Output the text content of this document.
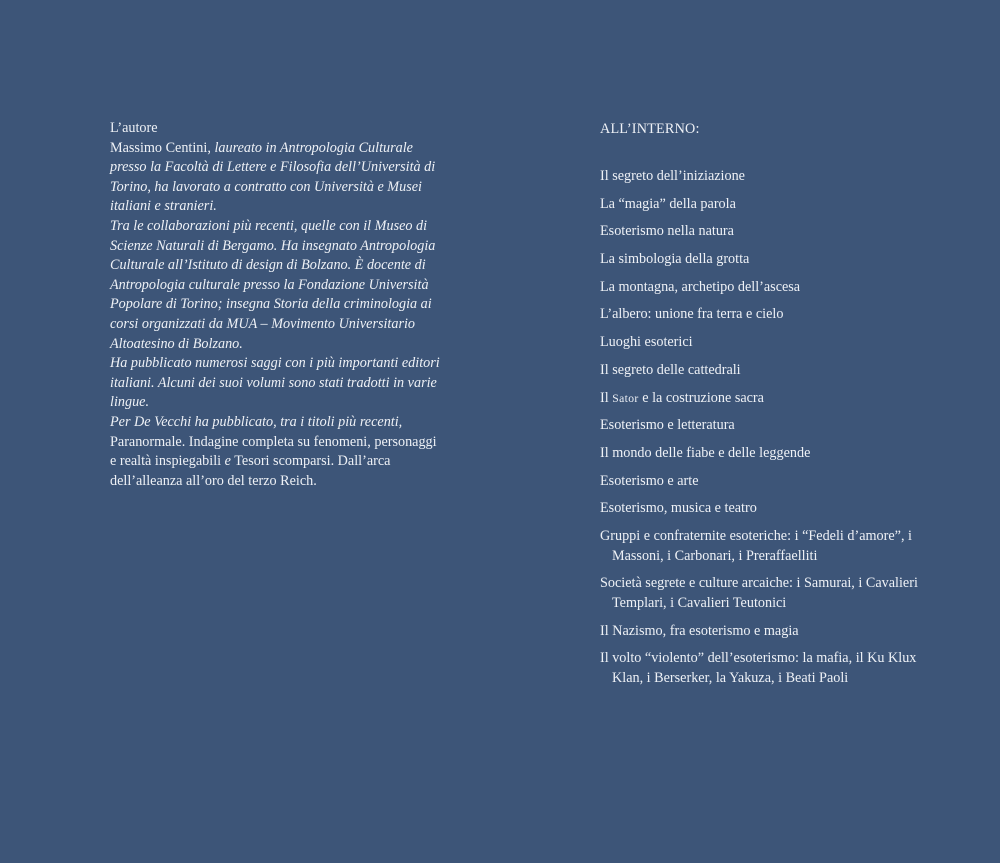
L’autore

Massimo Centini, laureato in Antropologia Culturale presso la Facoltà di Lettere e Filosofia dell’Università di Torino, ha lavorato a contratto con Università e Musei italiani e stranieri.

Tra le collaborazioni più recenti, quelle con il Museo di Scienze Naturali di Bergamo. Ha insegnato Antropologia Culturale all’Istituto di design di Bolzano. È docente di Antropologia culturale presso la Fondazione Università Popolare di Torino; insegna Storia della criminologia ai corsi organizzati da MUA – Movimento Universitario Altoatesino di Bolzano.

Ha pubblicato numerosi saggi con i più importanti editori italiani. Alcuni dei suoi volumi sono stati tradotti in varie lingue.

Per De Vecchi ha pubblicato, tra i titoli più recenti, Paranormale. Indagine completa su fenomeni, personaggi e realtà inspiegabili e Tesori scomparsi. Dall’arca dell’alleanza all’oro del terzo Reich.

ALL’INTERNO:

Il segreto dell’iniziazione
La “magia” della parola
Esoterismo nella natura
La simbologia della grotta
La montagna, archetipo dell’ascesa
L’albero: unione fra terra e cielo
Luoghi esoterici
Il segreto delle cattedrali
Il Sator e la costruzione sacra
Esoterismo e letteratura
Il mondo delle fiabe e delle leggende
Esoterismo e arte
Esoterismo, musica e teatro
Gruppi e confraternite esoteriche: i “Fedeli d’amore”, i Massoni, i Carbonari, i Preraffaelliti
Società segrete e culture arcaiche: i Samurai, i Cavalieri Templari, i Cavalieri Teutonici
Il Nazismo, fra esoterismo e magia
Il volto “violento” dell’esoterismo: la mafia, il Ku Klux Klan, i Berserker, la Yakuza, i Beati Paoli
